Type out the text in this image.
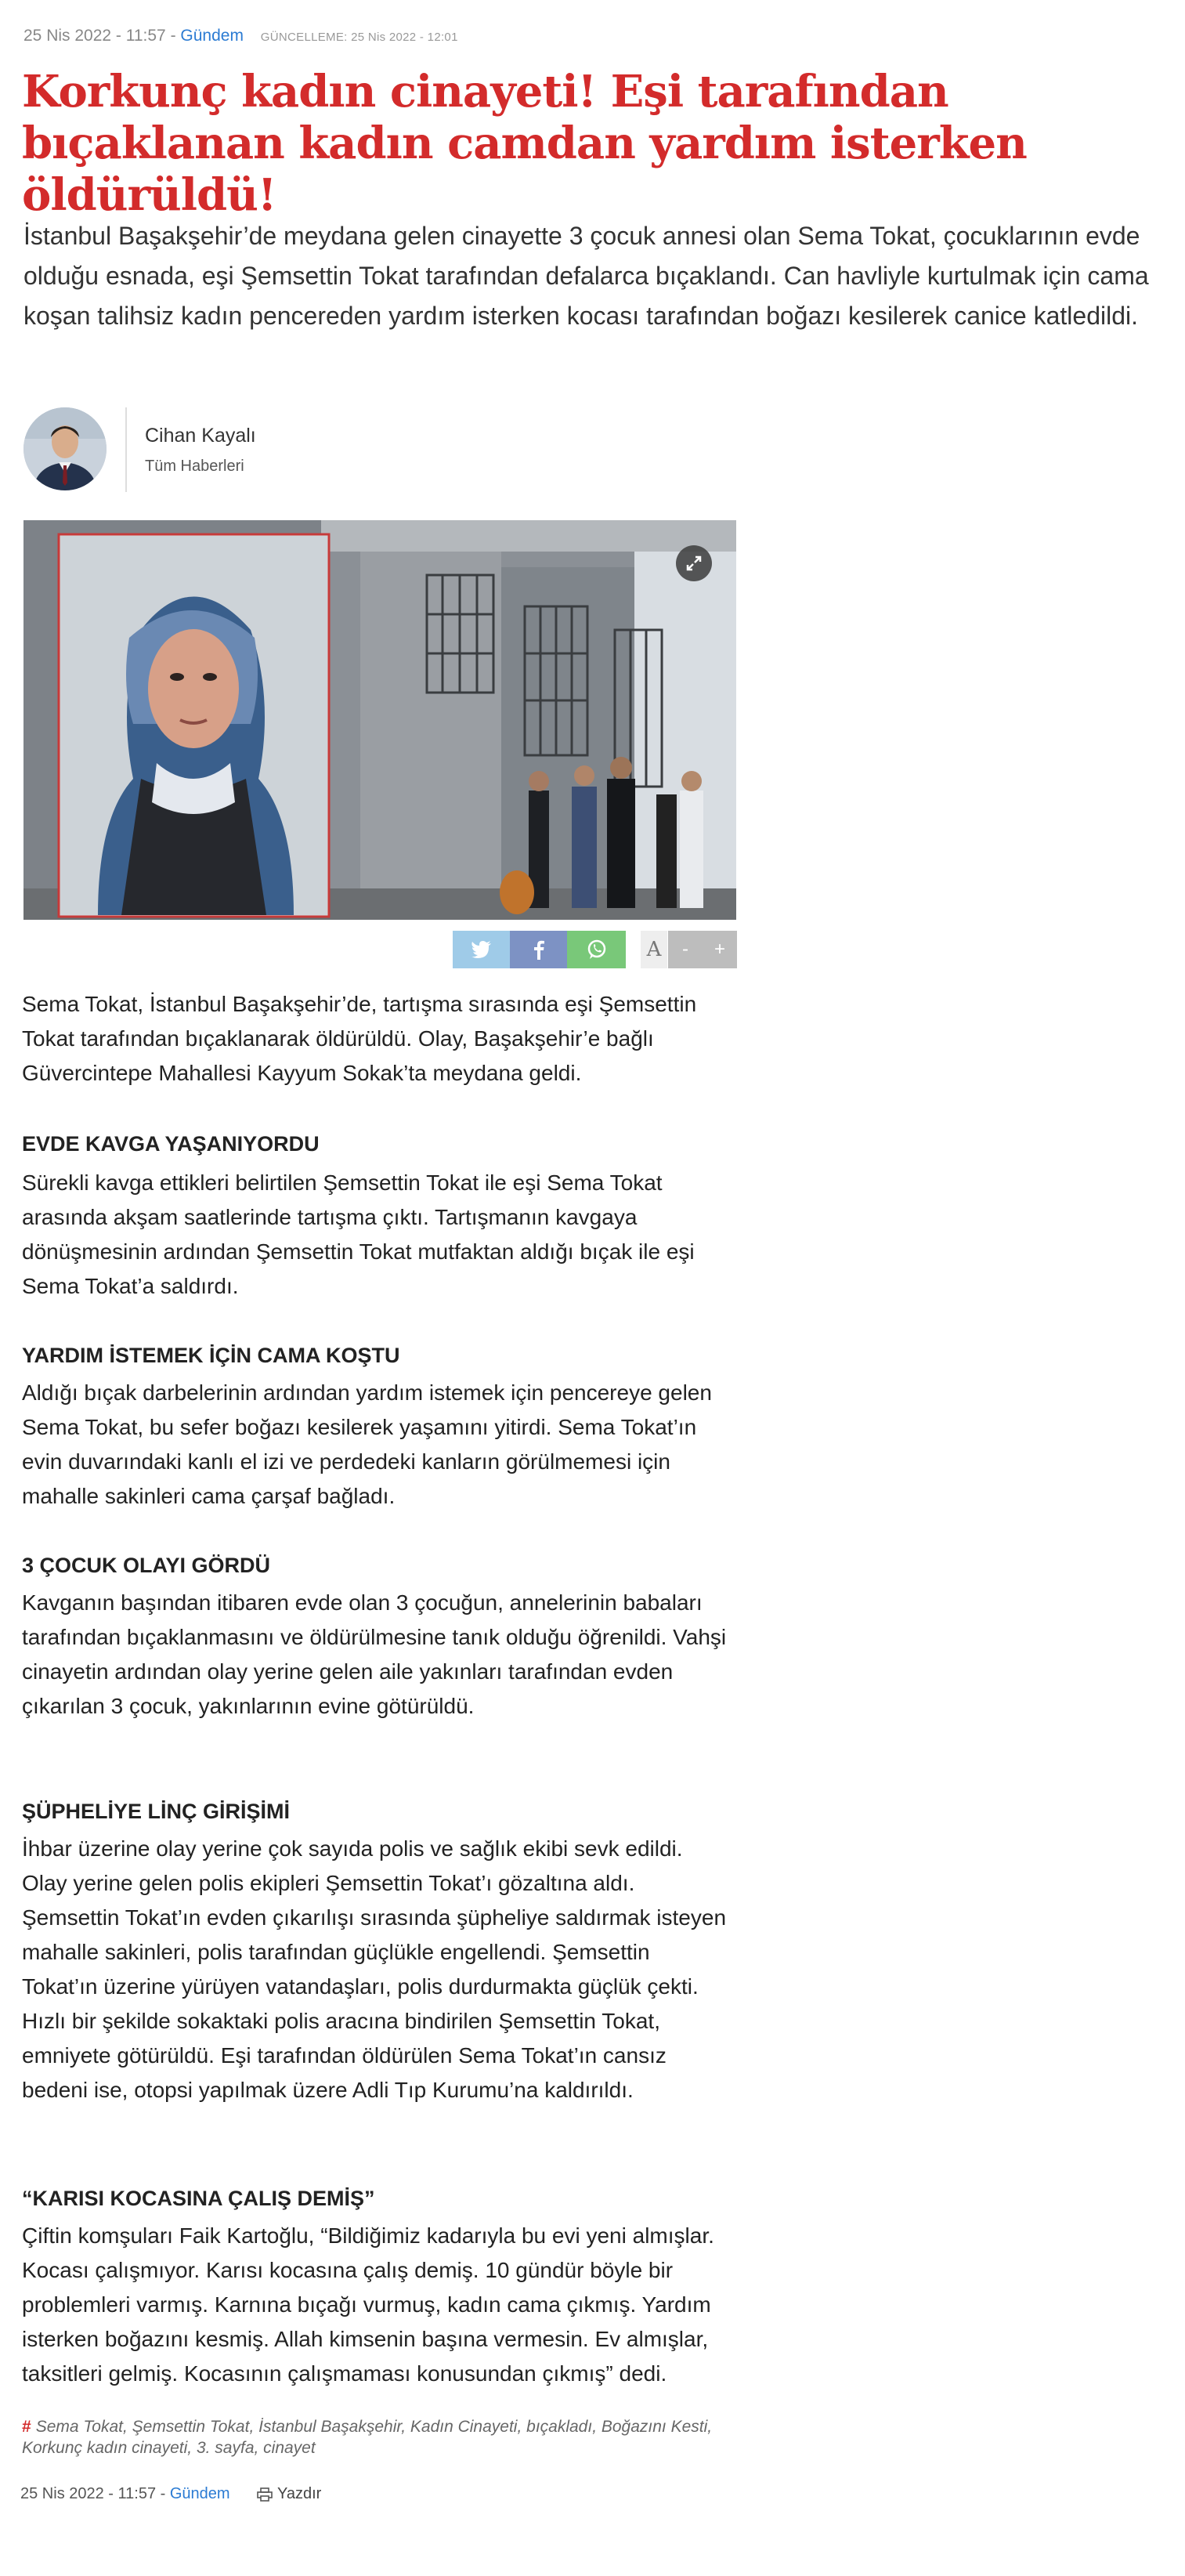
25 Nis 2022 - 11:57 - Gündem GÜNCELLEME: 25 Nis 2022 - 12:01
Korkunç kadın cinayeti! Eşi tarafından bıçaklanan kadın camdan yardım isterken öldürüldü!

İstanbul Başakşehir’de meydana gelen cinayette 3 çocuk annesi olan Sema Tokat, çocuklarının evde olduğu esnada, eşi Şemsettin Tokat tarafından defalarca bıçaklandı. Can havliyle kurtulmak için cama koşan talihsiz kadın pencereden yardım isterken kocası tarafından boğazı kesilerek canice katledildi.

Cihan Kayalı
Tüm Haberleri
A	-	+

Sema Tokat, İstanbul Başakşehir’de, tartışma sırasında eşi Şemsettin Tokat tarafından bıçaklanarak öldürüldü. Olay, Başakşehir’e bağlı Güvercintepe Mahallesi Kayyum Sokak’ta meydana geldi.

EVDE KAVGA YAŞANIYORDU

Sürekli kavga ettikleri belirtilen Şemsettin Tokat ile eşi Sema Tokat arasında akşam saatlerinde tartışma çıktı. Tartışmanın kavgaya dönüşmesinin ardından Şemsettin Tokat mutfaktan aldığı bıçak ile eşi Sema Tokat’a saldırdı.

YARDIM İSTEMEK İÇİN CAMA KOŞTU

Aldığı bıçak darbelerinin ardından yardım istemek için pencereye gelen Sema Tokat, bu sefer boğazı kesilerek yaşamını yitirdi. Sema Tokat’ın evin duvarındaki kanlı el izi ve perdedeki kanların görülmemesi için mahalle sakinleri cama çarşaf bağladı.

3 ÇOCUK OLAYI GÖRDÜ

Kavganın başından itibaren evde olan 3 çocuğun, annelerinin babaları tarafından bıçaklanmasını ve öldürülmesine tanık olduğu öğrenildi. Vahşi cinayetin ardından olay yerine gelen aile yakınları tarafından evden çıkarılan 3 çocuk, yakınlarının evine götürüldü.

ŞÜPHELİYE LİNÇ GİRİŞİMİ

İhbar üzerine olay yerine çok sayıda polis ve sağlık ekibi sevk edildi. Olay yerine gelen polis ekipleri Şemsettin Tokat’ı gözaltına aldı. Şemsettin Tokat’ın evden çıkarılışı sırasında şüpheliye saldırmak isteyen mahalle sakinleri, polis tarafından güçlükle engellendi. Şemsettin Tokat’ın üzerine yürüyen vatandaşları, polis durdurmakta güçlük çekti. Hızlı bir şekilde sokaktaki polis aracına bindirilen Şemsettin Tokat, emniyete götürüldü. Eşi tarafından öldürülen Sema Tokat’ın cansız bedeni ise, otopsi yapılmak üzere Adli Tıp Kurumu’na kaldırıldı.

“KARISI KOCASINA ÇALIŞ DEMİŞ”

Çiftin komşuları Faik Kartoğlu, “Bildiğimiz kadarıyla bu evi yeni almışlar. Kocası çalışmıyor. Karısı kocasına çalış demiş. 10 gündür böyle bir problemleri varmış. Karnına bıçağı vurmuş, kadın cama çıkmış. Yardım isterken boğazını kesmiş. Allah kimsenin başına vermesin. Ev almışlar, taksitleri gelmiş. Kocasının çalışmaması konusundan çıkmış” dedi.

# Sema Tokat, Şemsettin Tokat, İstanbul Başakşehir, Kadın Cinayeti, bıçakladı, Boğazını Kesti, Korkunç kadın cinayeti, 3. sayfa, cinayet
25 Nis 2022 - 11:57 - Gündem	Yazdır
